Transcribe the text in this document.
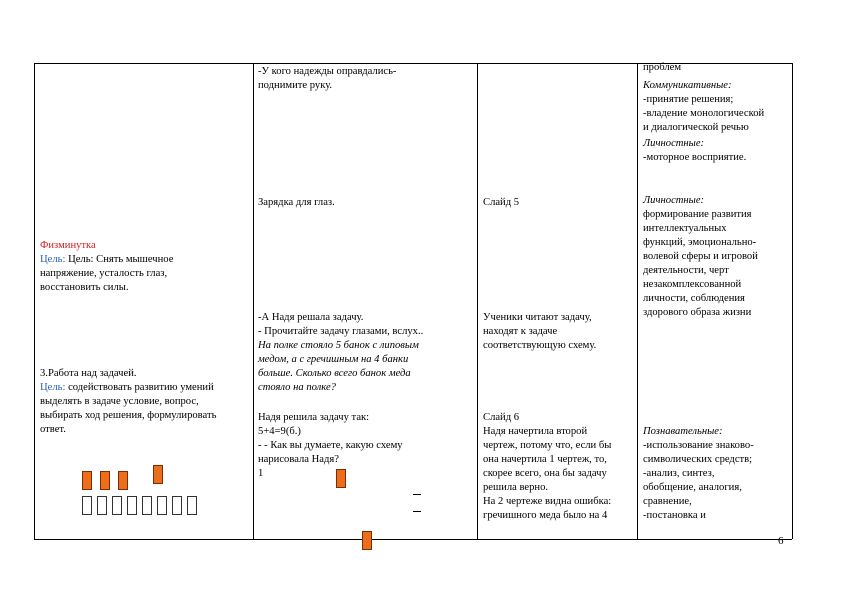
Физминутка
Цель: Цель: Снять мышечное
напряжение, усталость глаз,
восстановить силы.
3.Работа над задачей.
Цель: содействовать развитию умений
выделять в задаче условие, вопрос,
выбирать ход решения, формулировать
ответ.
-У кого надежды оправдались-
поднимите руку.
Зарядка для глаз.
-А Надя решала задачу.
- Прочитайте задачу глазами, вслух..
На полке стояло 5 банок с липовым
медом, а с гречишным на 4 банки
больше. Сколько всего банок меда
стояло на полке?
Надя решила задачу так:
5+4=9(б.)
- - Как вы думаете, какую схему
нарисовала Надя?
1
Слайд 5
Ученики читают задачу,
находят к задаче
соответствующую схему.
Слайд 6
Надя начертила второй
чертеж, потому что, если бы
она начертила 1 чертеж, то,
скорее всего, она бы задачу
решила верно.
На 2 чертеже видна ошибка:
гречишного меда было на 4
проблем
Коммуникативные:
-принятие решения;
-владение монологической
и диалогической речью
Личностные:
-моторное восприятие.
Личностные:
формирование развития
интеллектуальных
функций, эмоционально-
волевой сферы и игровой
деятельности, черт
незакомплексованной
личности, соблюдения
здорового образа жизни
Познавательные:
-использование знаково-
символических средств;
-анализ, синтез,
обобщение, аналогия,
сравнение,
-постановка и
6
